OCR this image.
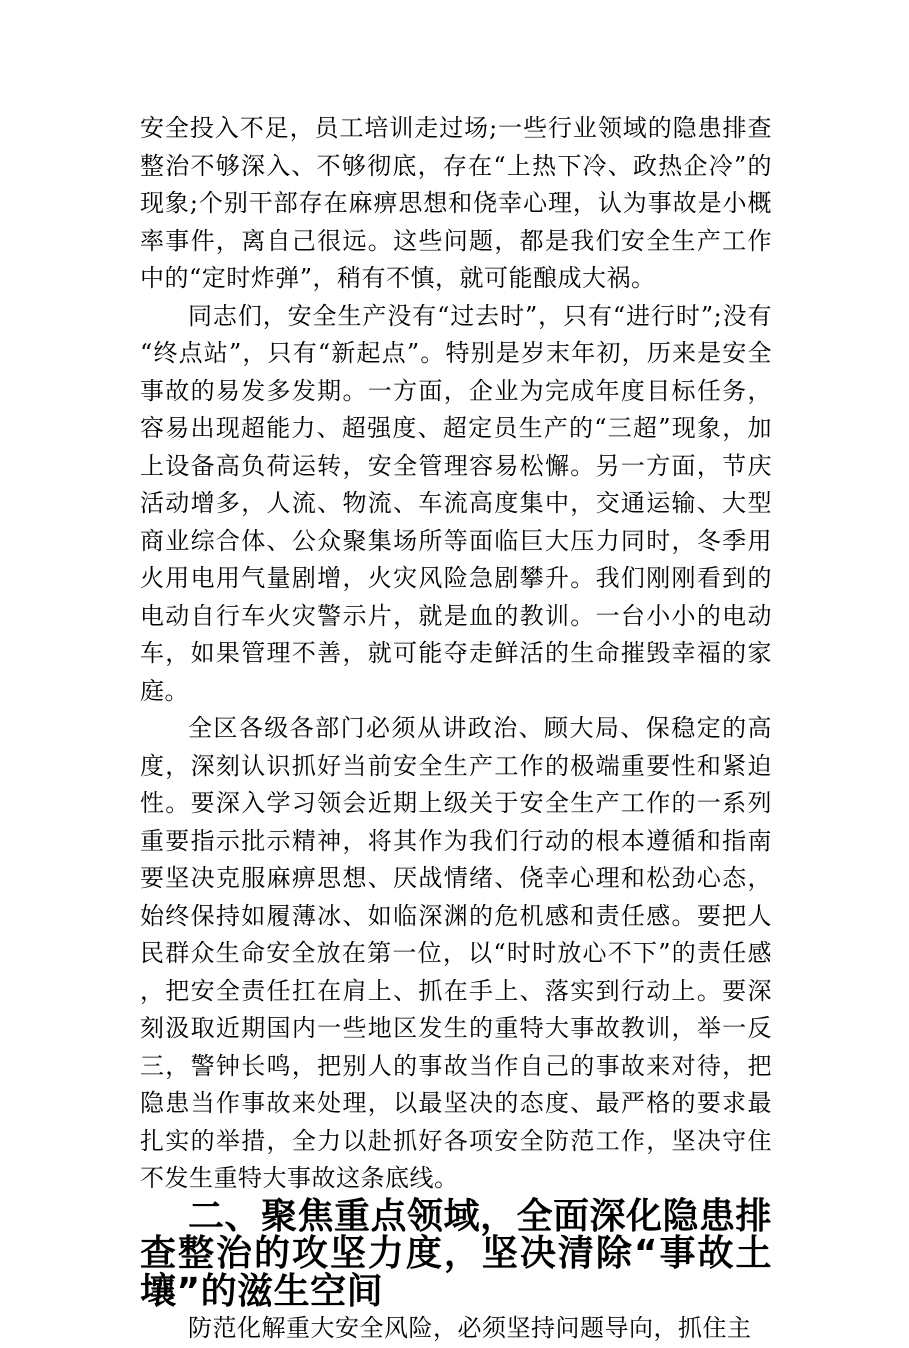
安全投入不足，员工培训走过场;一些行业领域的隐患排查整治不够深入、不够彻底，存在“上热下冷、政热企冷”的现象;个别干部存在麻痹思想和侥幸心理，认为事故是小概率事件，离自己很远。这些问题，都是我们安全生产工作中的“定时炸弹”，稍有不慎，就可能酿成大祸。

同志们，安全生产没有“过去时”，只有“进行时”;没有“终点站”，只有“新起点”。特别是岁末年初，历来是安全事故的易发多发期。一方面，企业为完成年度目标任务，容易出现超能力、超强度、超定员生产的“三超”现象，加上设备高负荷运转，安全管理容易松懈。另一方面，节庆活动增多，人流、物流、车流高度集中，交通运输、大型商业综合体、公众聚集场所等面临巨大压力同时，冬季用火用电用气量剧增，火灾风险急剧攀升。我们刚刚看到的电动自行车火灾警示片，就是血的教训。一台小小的电动车，如果管理不善，就可能夺走鲜活的生命摧毁幸福的家庭。

全区各级各部门必须从讲政治、顾大局、保稳定的高度，深刻认识抓好当前安全生产工作的极端重要性和紧迫性。要深入学习领会近期上级关于安全生产工作的一系列重要指示批示精神，将其作为我们行动的根本遵循和指南要坚决克服麻痹思想、厌战情绪、侥幸心理和松劲心态，始终保持如履薄冰、如临深渊的危机感和责任感。要把人民群众生命安全放在第一位，以“时时放心不下”的责任感，把安全责任扛在肩上、抓在手上、落实到行动上。要深刻汲取近期国内一些地区发生的重特大事故教训，举一反三，警钟长鸣，把别人的事故当作自己的事故来对待，把隐患当作事故来处理，以最坚决的态度、最严格的要求最扎实的举措，全力以赴抓好各项安全防范工作，坚决守住不发生重特大事故这条底线。

二、聚焦重点领域，全面深化隐患排查整治的攻坚力度，坚决清除“事故土壤”的滋生空间

防范化解重大安全风险，必须坚持问题导向，抓住主
